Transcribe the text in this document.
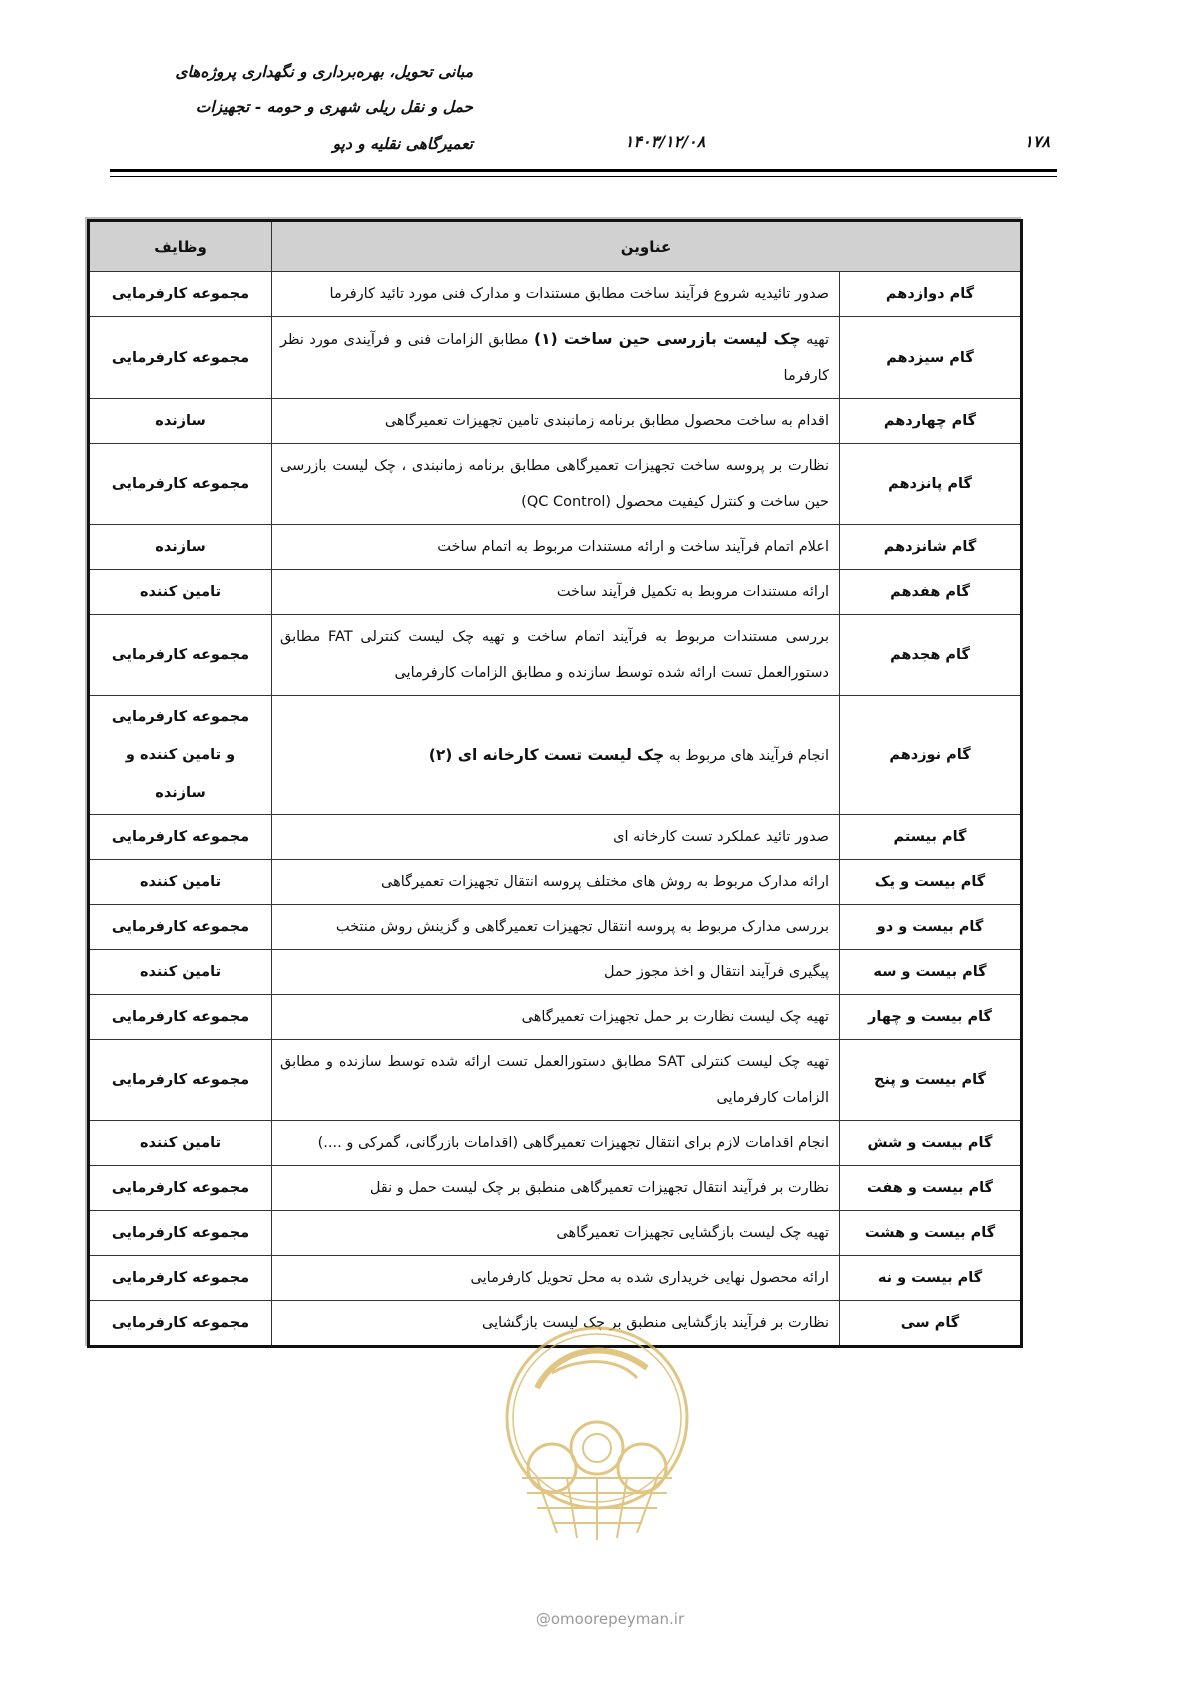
مبانی تحویل، بهره‌برداری و نگهداری پروژه‌های
حمل و نقل ریلی شهری و حومه - تجهیزات
تعمیرگاهی نقلیه و دپو	۱۴۰۳/۱۲/۰۸	۱۷۸
عناوین		وظایف
گام دوازدهم	صدور تائیدیه شروع فرآیند ساخت مطابق مستندات و مدارک فنی مورد تائید کارفرما	مجموعه کارفرمایی

گام سیزدهم	تهیه چک لیست بازرسی حین ساخت (۱) مطابق الزامات فنی و فرآیندی مورد نظر کارفرما	مجموعه کارفرمایی

گام چهاردهم	اقدام به ساخت محصول مطابق برنامه زمانبندی تامین تجهیزات تعمیرگاهی	سازنده

گام پانزدهم	نظارت بر پروسه ساخت تجهیزات تعمیرگاهی مطابق برنامه زمانبندی ، چک لیست بازرسی حین ساخت و کنترل کیفیت محصول (QC Control)	مجموعه کارفرمایی

گام شانزدهم	اعلام اتمام فرآیند ساخت و ارائه مستندات مربوط به اتمام ساخت	سازنده

گام هفدهم	ارائه مستندات مروبط به تکمیل فرآیند ساخت	تامین کننده

گام هجدهم	بررسی مستندات مربوط به فرآیند اتمام ساخت و تهیه چک لیست کنترلی FAT مطابق دستورالعمل تست ارائه شده توسط سازنده و مطابق الزامات کارفرمایی	مجموعه کارفرمایی

گام نوزدهم	انجام فرآیند های مربوط به چک لیست تست کارخانه ای (۲)	مجموعه کارفرمایی
و تامین کننده و
سازنده

گام بیستم	صدور تائید عملکرد تست کارخانه ای	مجموعه کارفرمایی

گام بیست و یک	ارائه مدارک مربوط به روش های مختلف پروسه انتقال تجهیزات تعمیرگاهی	تامین کننده

گام بیست و دو	بررسی مدارک مربوط به پروسه انتقال تجهیزات تعمیرگاهی و گزینش روش منتخب	مجموعه کارفرمایی

گام بیست و سه	پیگیری فرآیند انتقال و اخذ مجوز حمل	تامین کننده

گام بیست و چهار	تهیه چک لیست نظارت بر حمل تجهیزات تعمیرگاهی	مجموعه کارفرمایی

گام بیست و پنج	تهیه چک لیست کنترلی SAT مطابق دستورالعمل تست ارائه شده توسط سازنده و مطابق الزامات کارفرمایی	مجموعه کارفرمایی

گام بیست و شش	انجام اقدامات لازم برای انتقال تجهیزات تعمیرگاهی (اقدامات بازرگانی، گمرکی و ....)	تامین کننده

گام بیست و هفت	نظارت بر فرآیند انتقال تجهیزات تعمیرگاهی منطبق بر چک لیست حمل و نقل	مجموعه کارفرمایی

گام بیست و هشت	تهیه چک لیست بازگشایی تجهیزات تعمیرگاهی	مجموعه کارفرمایی

گام بیست و نه	ارائه محصول نهایی خریداری شده به محل تحویل کارفرمایی	مجموعه کارفرمایی

گام سی	نظارت بر فرآیند بازگشایی منطبق بر چک لیست بازگشایی	مجموعه کارفرمایی
@omoorepeyman.ir
